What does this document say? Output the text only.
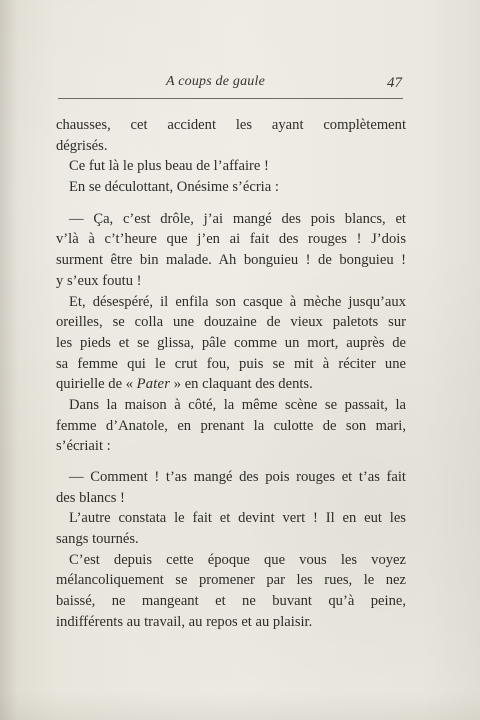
A coups de gaule	47
chausses, cet accident les ayant complètement
dégrisés.
Ce fut là le plus beau de l’affaire !
En se déculottant, Onésime s’écria :
— Ça, c’est drôle, j’ai mangé des pois blancs, et
v’là à c’t’heure que j’en ai fait des rouges ! J’dois
surment être bin malade. Ah bonguieu ! de bonguieu !
y s’eux foutu !
Et, désespéré, il enfila son casque à mèche jusqu’aux
oreilles, se colla une douzaine de vieux paletots sur
les pieds et se glissa, pâle comme un mort, auprès de
sa femme qui le crut fou, puis se mit à réciter une
quirielle de « Pater » en claquant des dents.
Dans la maison à côté, la même scène se passait, la
femme d’Anatole, en prenant la culotte de son mari,
s’écriait :
— Comment ! t’as mangé des pois rouges et t’as fait
des blancs !
L’autre constata le fait et devint vert ! Il en eut les
sangs tournés.
C’est depuis cette époque que vous les voyez
mélancoliquement se promener par les rues, le nez
baissé, ne mangeant et ne buvant qu’à peine,
indifférents au travail, au repos et au plaisir.
